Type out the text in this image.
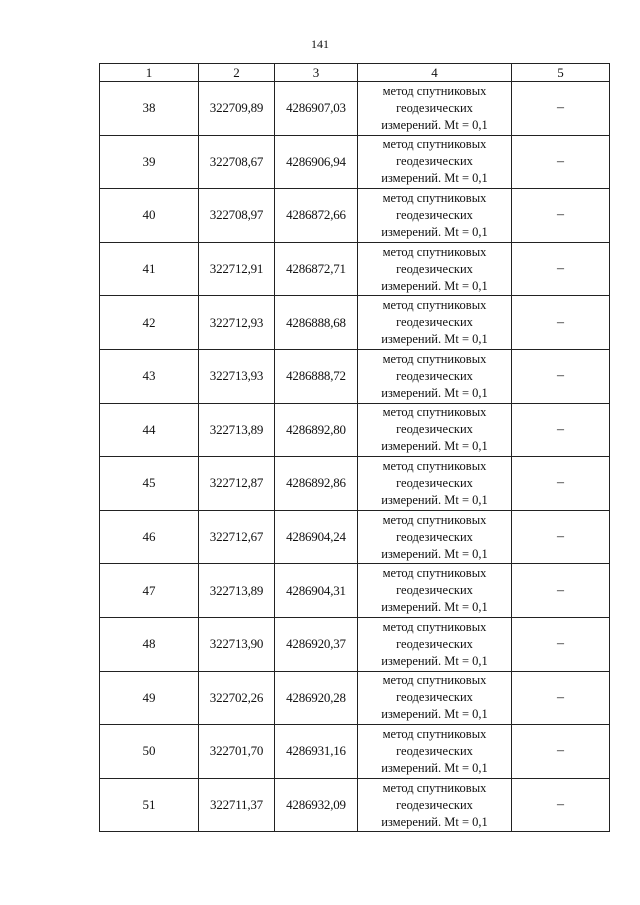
141
1	2	3	4	5
38	322709,89	4286907,03	метод спутниковых
геодезических
измерений. Mt = 0,1	–
39	322708,67	4286906,94	метод спутниковых
геодезических
измерений. Mt = 0,1	–
40	322708,97	4286872,66	метод спутниковых
геодезических
измерений. Mt = 0,1	–
41	322712,91	4286872,71	метод спутниковых
геодезических
измерений. Mt = 0,1	–
42	322712,93	4286888,68	метод спутниковых
геодезических
измерений. Mt = 0,1	–
43	322713,93	4286888,72	метод спутниковых
геодезических
измерений. Mt = 0,1	–
44	322713,89	4286892,80	метод спутниковых
геодезических
измерений. Mt = 0,1	–
45	322712,87	4286892,86	метод спутниковых
геодезических
измерений. Mt = 0,1	–
46	322712,67	4286904,24	метод спутниковых
геодезических
измерений. Mt = 0,1	–
47	322713,89	4286904,31	метод спутниковых
геодезических
измерений. Mt = 0,1	–
48	322713,90	4286920,37	метод спутниковых
геодезических
измерений. Mt = 0,1	–
49	322702,26	4286920,28	метод спутниковых
геодезических
измерений. Mt = 0,1	–
50	322701,70	4286931,16	метод спутниковых
геодезических
измерений. Mt = 0,1	–
51	322711,37	4286932,09	метод спутниковых
геодезических
измерений. Mt = 0,1	–
